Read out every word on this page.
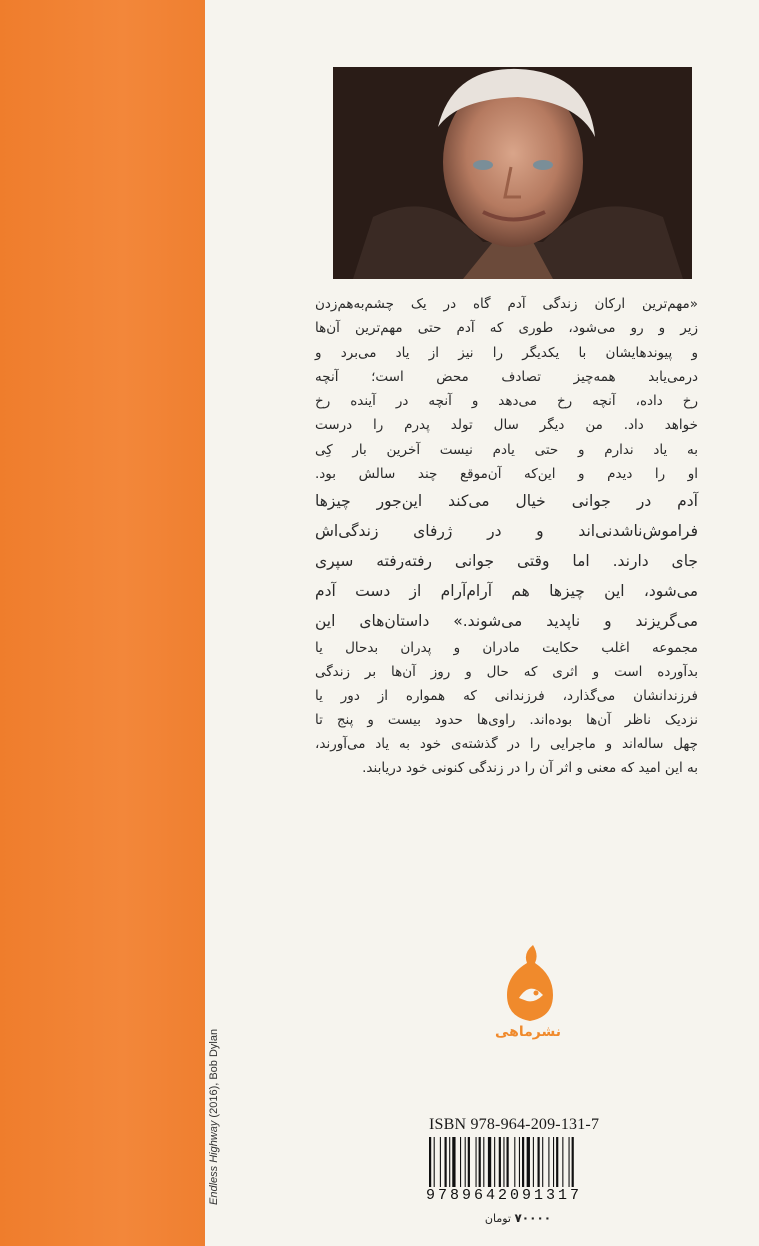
«مهم‌ترین ارکان زندگی آدم گاه در یک چشم‌به‌هم‌زدن
زیر و رو می‌شود، طوری که آدم حتی مهم‌ترین آن‌ها
و پیوندهایشان با یکدیگر را نیز از یاد می‌برد و
درمی‌یابد همه‌چیز تصادف محض است؛ آنچه
رخ داده، آنچه رخ می‌دهد و آنچه در آینده رخ
خواهد داد. من دیگر سال تولد پدرم را درست
به یاد ندارم و حتی یادم نیست آخرین بار کِی
او را دیدم و این‌که آن‌موقع چند سالش بود.

آدم در جوانی خیال می‌کند این‌جور چیزها
فراموش‌ناشدنی‌اند و در ژرفای زندگی‌اش
جای دارند. اما وقتی جوانی رفته‌رفته سپری
می‌شود، این چیزها هم آرام‌آرام از دست آدم
می‌گریزند و ناپدید می‌شوند.» داستان‌های این

مجموعه اغلب حکایت مادران و پدران بدحال یا
بدآورده است و اثری که حال و روز آن‌ها بر زندگی
فرزندانشان می‌گذارد، فرزندانی که همواره از دور یا
نزدیک ناظر آن‌ها بوده‌اند. راوی‌ها حدود بیست و پنج تا
چهل ساله‌اند و ماجرایی را در گذشته‌ی خود به یاد می‌آورند،
به این امید که معنی و اثر آن را در زندگی کنونی خود دریابند.

Endless Highway (2016), Bob Dylan	نشرماهی
ISBN 978-964-209-131-7
9789642091317
۷۰۰۰۰ تومان
